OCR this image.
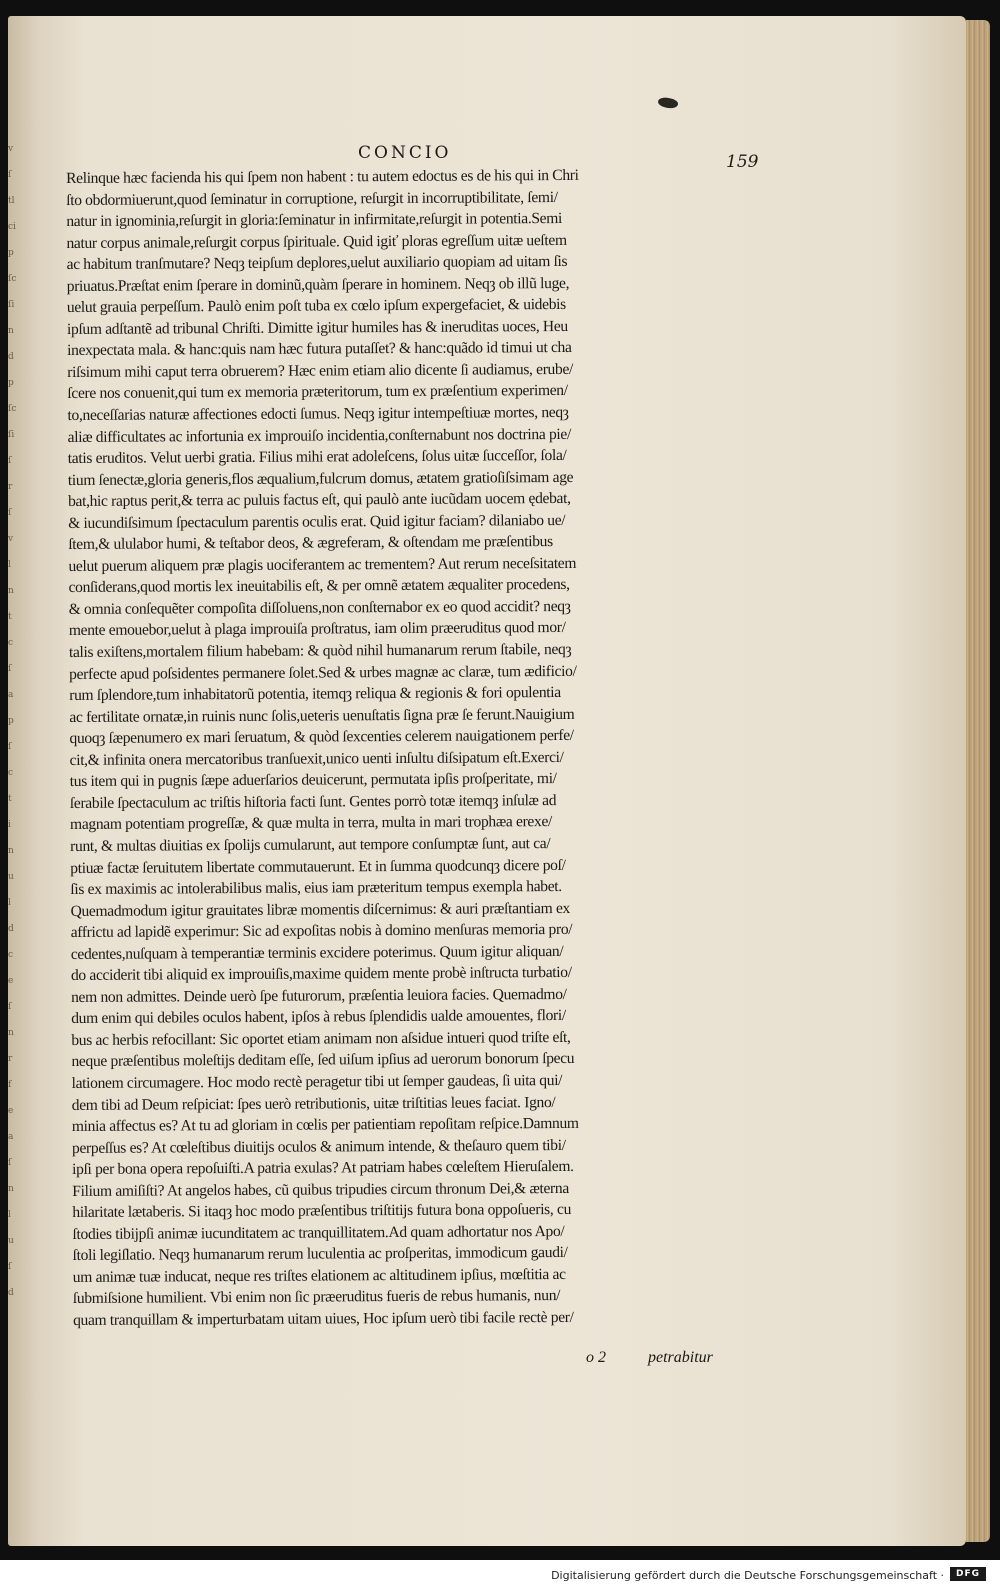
v
ſ
tl
ci
p
ſc
ſi
n
d
p
ſc
ſi
ſ
r
ſ
v
l
n
t
c
ſ
a
p
ſ
c
t
i
n
u
l
d
c
e
ſ
n
r
f
e
a
ſ
n
l
u
ſ
d
CONCIO	159
Relinque hæc facienda his qui ſpem non habent : tu autem edoctus es de his qui in Chri
ſto obdormiuerunt,quod ſeminatur in corruptione, reſurgit in incorruptibilitate, ſemi/
natur in ignominia,reſurgit in gloria:ſeminatur in infirmitate,reſurgit in potentia.Semi
natur corpus animale,reſurgit corpus ſpirituale. Quid igiť ploras egreſſum uitæ ueſtem
ac habitum tranſmutare? Neqȝ teipſum deplores,uelut auxiliario quopiam ad uitam ſis
priuatus.Præſtat enim ſperare in dominũ,quàm ſperare in hominem. Neqȝ ob illũ luge,
uelut grauia perpeſſum. Paulò enim poſt tuba ex cœlo ipſum expergefaciet, & uidebis
ipſum adſtantẽ ad tribunal Chriſti. Dimitte igitur humiles has & ineruditas uoces, Heu
inexpectata mala. & hanc:quis nam hæc futura putaſſet? & hanc:quãdo id timui ut cha
riſsimum mihi caput terra obruerem? Hæc enim etiam alio dicente ſi audiamus, erube/
ſcere nos conuenit,qui tum ex memoria præteritorum, tum ex præſentium experimen/
to,neceſſarias naturæ affectiones edocti ſumus. Neqȝ igitur intempeſtiuæ mortes, neqȝ
aliæ difficultates ac infortunia ex improuiſo incidentia,conſternabunt nos doctrina pie/
tatis eruditos. Velut uerbi gratia. Filius mihi erat adoleſcens, ſolus uitæ ſucceſſor, ſola/
tium ſenectæ,gloria generis,flos æqualium,fulcrum domus, ætatem gratioſiſsimam age
bat,hic raptus perit,& terra ac puluis factus eſt, qui paulò ante iucũdam uocem ędebat,
& iucundiſsimum ſpectaculum parentis oculis erat. Quid igitur faciam? dilaniabo ue/
ſtem,& ululabor humi, & teſtabor deos, & ægreferam, & oſtendam me præſentibus
uelut puerum aliquem præ plagis uociferantem ac trementem? Aut rerum neceſsitatem
conſiderans,quod mortis lex ineuitabilis eſt, & per omnẽ ætatem æqualiter procedens,
& omnia conſequẽter compoſita diſſoluens,non conſternabor ex eo quod accidit? neqȝ
mente emouebor,uelut à plaga improuiſa proſtratus, iam olim præeruditus quod mor/
talis exiſtens,mortalem filium habebam: & quòd nihil humanarum rerum ſtabile, neqȝ
perfecte apud poſsidentes permanere ſolet.Sed & urbes magnæ ac claræ, tum ædificio/
rum ſplendore,tum inhabitatorũ potentia, itemqȝ reliqua & regionis & fori opulentia
ac fertilitate ornatæ,in ruinis nunc ſolis,ueteris uenuſtatis ſigna præ ſe ferunt.Nauigium
quoqȝ ſæpenumero ex mari ſeruatum, & quòd ſexcenties celerem nauigationem perfe/
cit,& infinita onera mercatoribus tranſuexit,unico uenti inſultu diſsipatum eſt.Exerci/
tus item qui in pugnis ſæpe aduerſarios deuicerunt, permutata ipſis proſperitate, mi/
ſerabile ſpectaculum ac triſtis hiſtoria facti ſunt. Gentes porrò totæ itemqȝ inſulæ ad
magnam potentiam progreſſæ, & quæ multa in terra, multa in mari trophæa erexe/
runt, & multas diuitias ex ſpolijs cumularunt, aut tempore conſumptæ ſunt, aut ca/
ptiuæ factæ ſeruitutem libertate commutauerunt. Et in ſumma quodcunqȝ dicere poſ/
ſis ex maximis ac intolerabilibus malis, eius iam præteritum tempus exempla habet.
Quemadmodum igitur grauitates libræ momentis diſcernimus: & auri præſtantiam ex
affrictu ad lapidẽ experimur: Sic ad expoſitas nobis à domino menſuras memoria pro/
cedentes,nuſquam à temperantiæ terminis excidere poterimus. Quum igitur aliquan/
do acciderit tibi aliquid ex improuiſis,maxime quidem mente probè inſtructa turbatio/
nem non admittes. Deinde uerò ſpe futurorum, præſentia leuiora facies. Quemadmo/
dum enim qui debiles oculos habent, ipſos à rebus ſplendidis ualde amouentes, flori/
bus ac herbis refocillant: Sic oportet etiam animam non aſsidue intueri quod triſte eſt,
neque præſentibus moleſtijs deditam eſſe, ſed uiſum ipſius ad uerorum bonorum ſpecu
lationem circumagere. Hoc modo rectè peragetur tibi ut ſemper gaudeas, ſi uita qui/
dem tibi ad Deum reſpiciat: ſpes uerò retributionis, uitæ triſtitias leues faciat. Igno/
minia affectus es? At tu ad gloriam in cœlis per patientiam repoſitam reſpice.Damnum
perpeſſus es? At cœleſtibus diuitijs oculos & animum intende, & theſauro quem tibi/
ipſi per bona opera repoſuiſti.A patria exulas? At patriam habes cœleſtem Hieruſalem.
Filium amiſiſti? At angelos habes, cũ quibus tripudies circum thronum Dei,& æterna
hilaritate lætaberis. Si itaqȝ hoc modo præſentibus triſtitijs futura bona oppoſueris, cu
ſtodies tibijpſi animæ iucunditatem ac tranquillitatem.Ad quam adhortatur nos Apo/
ſtoli legiſlatio. Neqȝ humanarum rerum luculentia ac proſperitas, immodicum gaudi/
um animæ tuæ inducat, neque res triſtes elationem ac altitudinem ipſius, mœſtitia ac
ſubmiſsione humilient. Vbi enim non ſic præeruditus fueris de rebus humanis, nun/
quam tranquillam & imperturbatam uitam uiues, Hoc ipſum uerò tibi facile rectè per/
o 2	petrabitur
Digitalisierung gefördert durch die Deutsche Forschungsgemeinschaft ·	DFG
